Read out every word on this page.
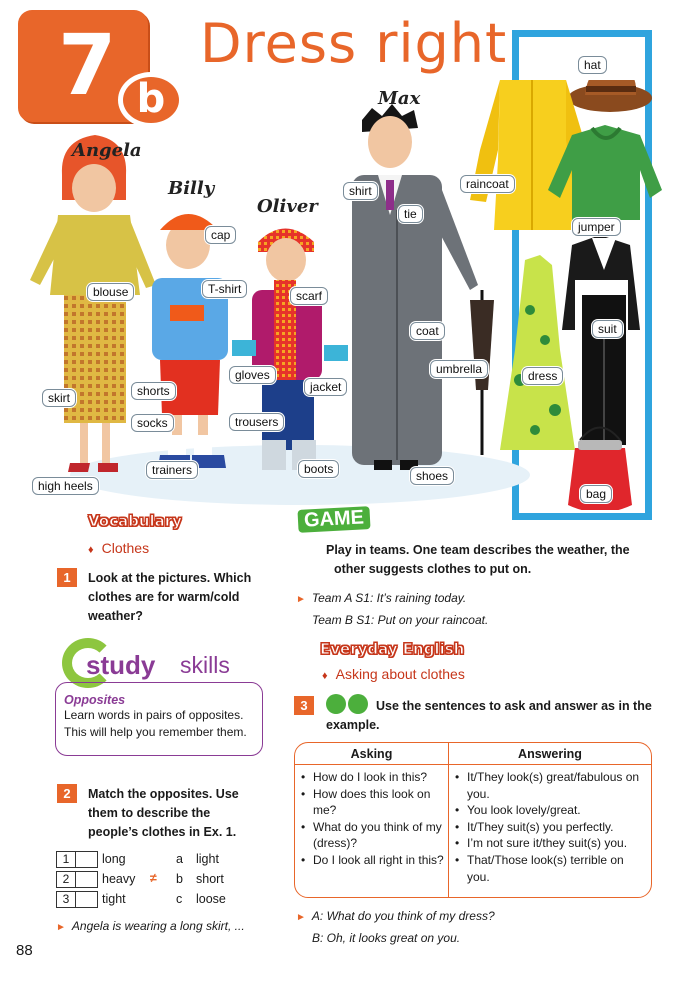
7 b
Dress right
Angela
Billy
Oliver
Max
hat
raincoat
jumper
suit
dress
bag
shirt
tie
coat
umbrella
shoes
boots
scarf
jacket
gloves
trousers
cap
T-shirt
shorts
socks
trainers
blouse
skirt
high heels
Vocabulary
♦ Clothes
1	Look at the pictures. Which
clothes are for warm/cold
weather?
study skills
Opposites
Learn words in pairs of opposites.
This will help you remember them.
2	Match the opposites. Use
them to describe the
people’s clothes in Ex. 1.
1	long	a light
2	heavy ≠ b short
3	tight	c loose
► Angela is wearing a long skirt, ...
GAME
Play in teams. One team describes the weather, the
other suggests clothes to put on.
► Team A S1: It’s raining today.
Team B S1: Put on your raincoat.
Everyday English
♦ Asking about clothes
3	Use the sentences to ask and answer as in the
example.
Asking
• How do I look in this?
• How does this look on me?
• What do you think of my (dress)?
• Do I look all right in this?
Answering
• It/They look(s) great/fabulous on you.
• You look lovely/great.
• It/They suit(s) you perfectly.
• I’m not sure it/they suit(s) you.
• That/Those look(s) terrible on you.
► A: What do you think of my dress?
B: Oh, it looks great on you.
88
